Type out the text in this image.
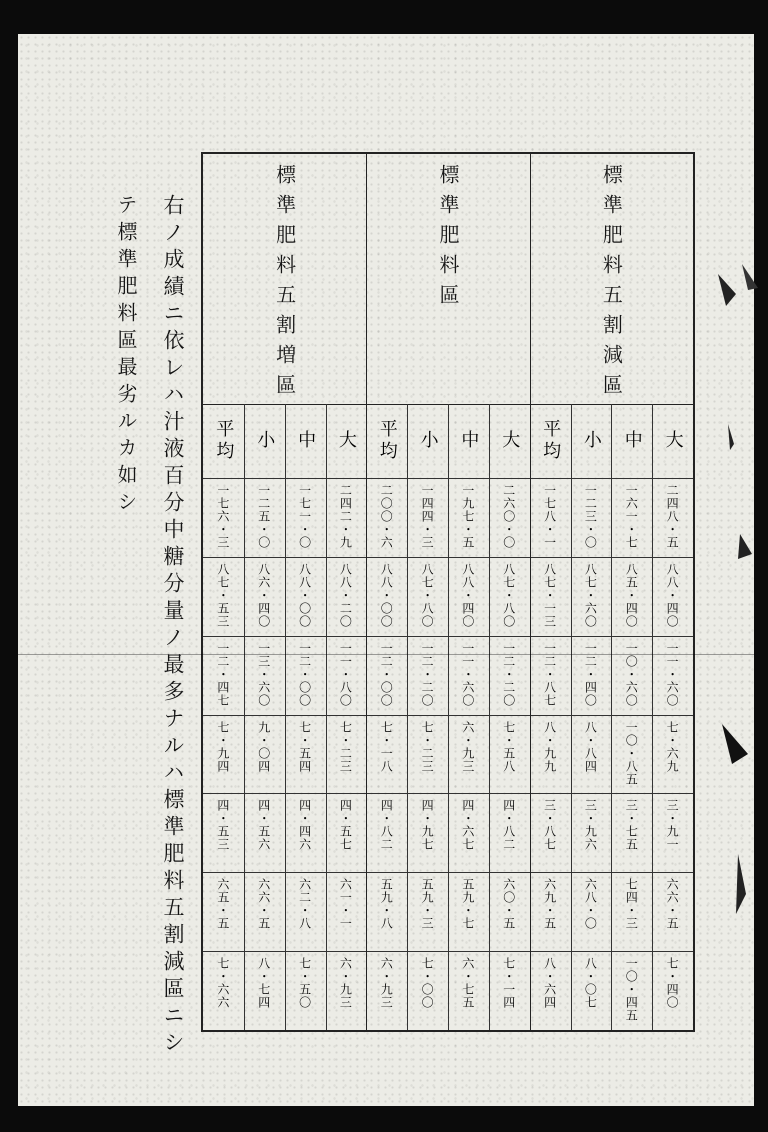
標準肥料五割減區
大
二四八・五
八八・四〇
一一・六〇
七・六九
三・九一
六六・五
七・四〇
中
一六一・七
八五・四〇
一〇・六〇
一〇・八五
三・七五
七四・三
一〇・四五
小
一二三・〇
八七・六〇
一二・四〇
八・八四
三・九六
六八・〇
八・〇七
平均
一七八・一
八七・一三
一二・八七
八・九九
三・八七
六九・五
八・六四
標準肥料區
大
二六〇・〇
八七・八〇
一二・二〇
七・五八
四・八二
六〇・五
七・一四
中
一九七・五
八八・四〇
一一・六〇
六・九三
四・六七
五九・七
六・七五
小
一四四・三
八七・八〇
一二・二〇
七・二三
四・九七
五九・三
七・〇〇
平均
二〇〇・六
八八・〇〇
一二・〇〇
七・一八
四・八二
五九・八
六・九三
標準肥料五割増區
大
二四二・九
八八・二〇
一一・八〇
七・二三
四・五七
六一・一
六・九三
中
一七一・〇
八八・〇〇
一二・〇〇
七・五四
四・四六
六二・八
七・五〇
小
一二五・〇
八六・四〇
一三・六〇
九・〇四
四・五六
六六・五
八・七四
平均
一七六・三
八七・五三
一二・四七
七・九四
四・五三
六五・五
七・六六
右ノ成績ニ依レハ汁液百分中糖分量ノ最多ナルハ標準肥料五割減區ニシ
テ標準肥料區最劣ルカ如シ
